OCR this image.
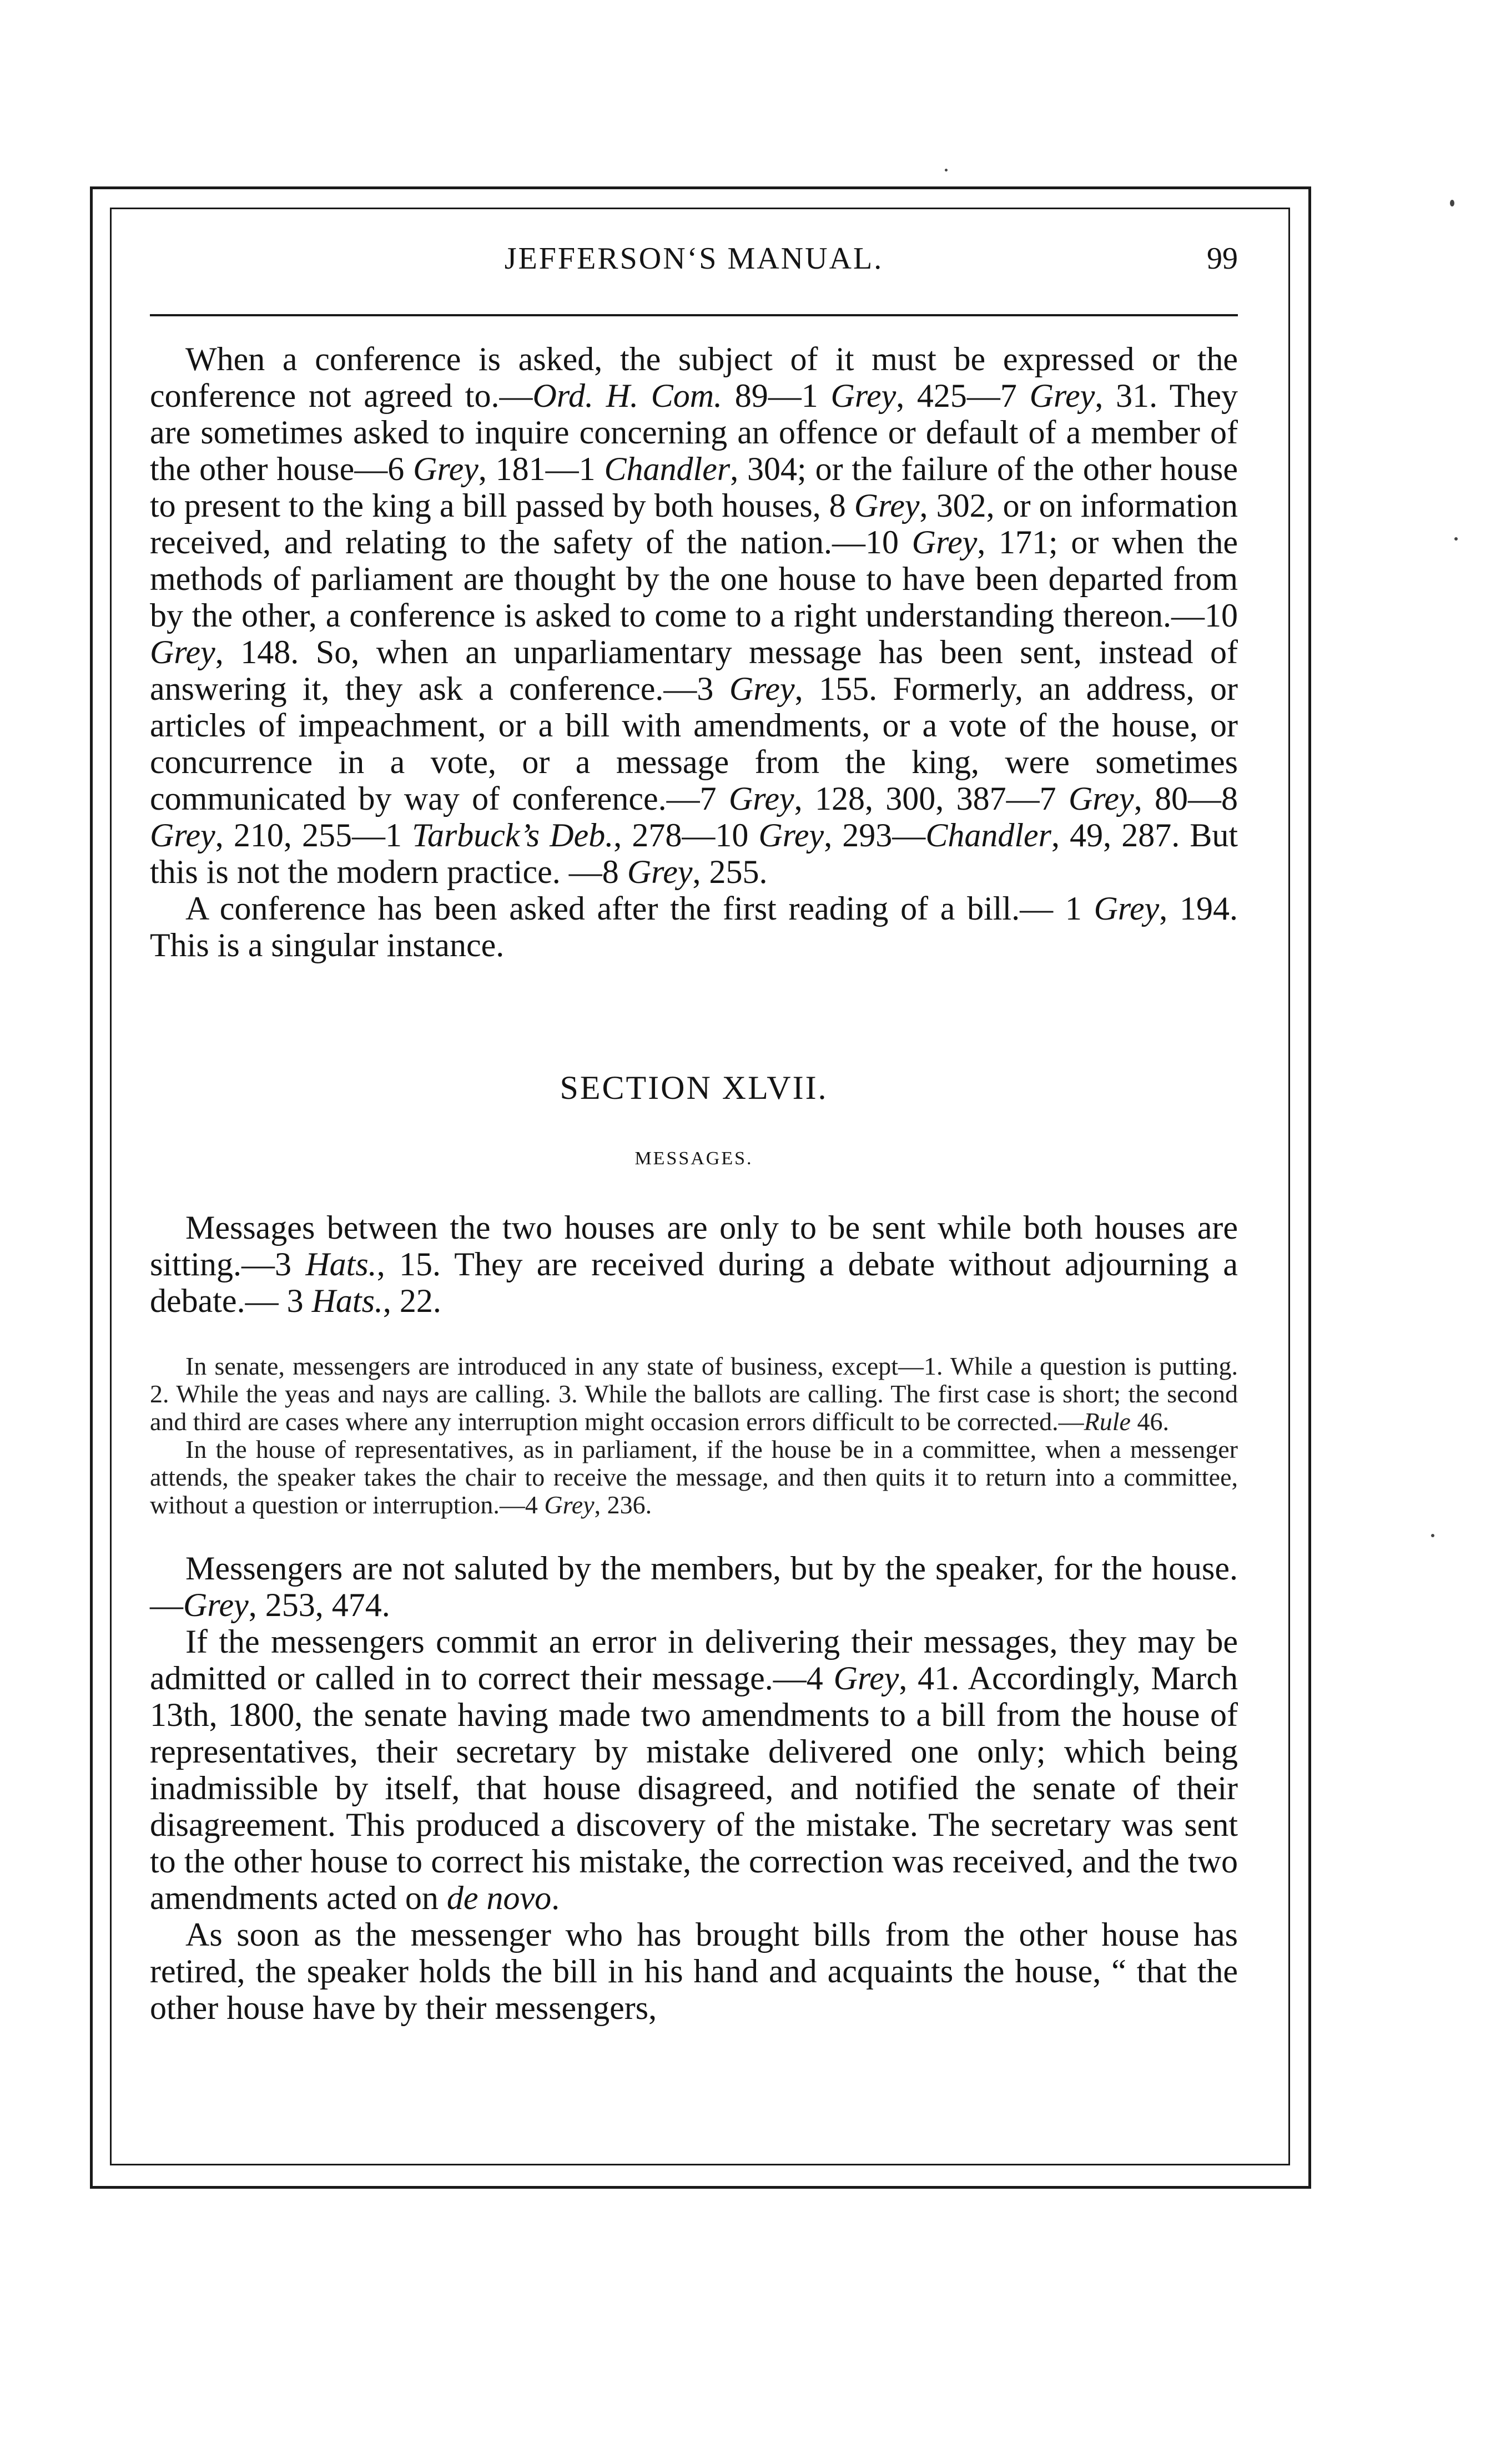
JEFFERSON‘S MANUAL.	99

When a conference is asked, the subject of it must be expressed or the conference not agreed to.—Ord. H. Com. 89—1 Grey, 425—7 Grey, 31. They are sometimes asked to inquire concerning an offence or default of a member of the other house—6 Grey, 181—1 Chandler, 304; or the failure of the other house to present to the king a bill passed by both houses, 8 Grey, 302, or on information received, and relating to the safety of the nation.—10 Grey, 171; or when the methods of parliament are thought by the one house to have been departed from by the other, a conference is asked to come to a right understanding thereon.—10 Grey, 148. So, when an unparliamentary message has been sent, instead of answering it, they ask a conference.—3 Grey, 155. Formerly, an address, or articles of impeachment, or a bill with amendments, or a vote of the house, or concurrence in a vote, or a message from the king, were sometimes communicated by way of conference.—7 Grey, 128, 300, 387—7 Grey, 80—8 Grey, 210, 255—1 Tarbuck’s Deb., 278—10 Grey, 293—Chandler, 49, 287. But this is not the modern practice. —8 Grey, 255.

A conference has been asked after the first reading of a bill.— 1 Grey, 194. This is a singular instance.

SECTION XLVII.
MESSAGES.

Messages between the two houses are only to be sent while both houses are sitting.—3 Hats., 15. They are received during a debate without adjourning a debate.— 3 Hats., 22.

In senate, messengers are introduced in any state of business, except—1. While a question is putting. 2. While the yeas and nays are calling. 3. While the ballots are calling. The first case is short; the second and third are cases where any interruption might occasion errors difficult to be corrected.—Rule 46.

In the house of representatives, as in parliament, if the house be in a committee, when a messenger attends, the speaker takes the chair to receive the message, and then quits it to return into a committee, without a question or interruption.—4 Grey, 236.

Messengers are not saluted by the members, but by the speaker, for the house.—Grey, 253, 474.

If the messengers commit an error in delivering their messages, they may be admitted or called in to correct their message.—4 Grey, 41. Accordingly, March 13th, 1800, the senate having made two amendments to a bill from the house of representatives, their secretary by mistake delivered one only; which being inadmissible by itself, that house disagreed, and notified the senate of their disagreement. This produced a discovery of the mistake. The secretary was sent to the other house to correct his mistake, the correction was received, and the two amendments acted on de novo.

As soon as the messenger who has brought bills from the other house has retired, the speaker holds the bill in his hand and acquaints the house, “ that the other house have by their messengers,
